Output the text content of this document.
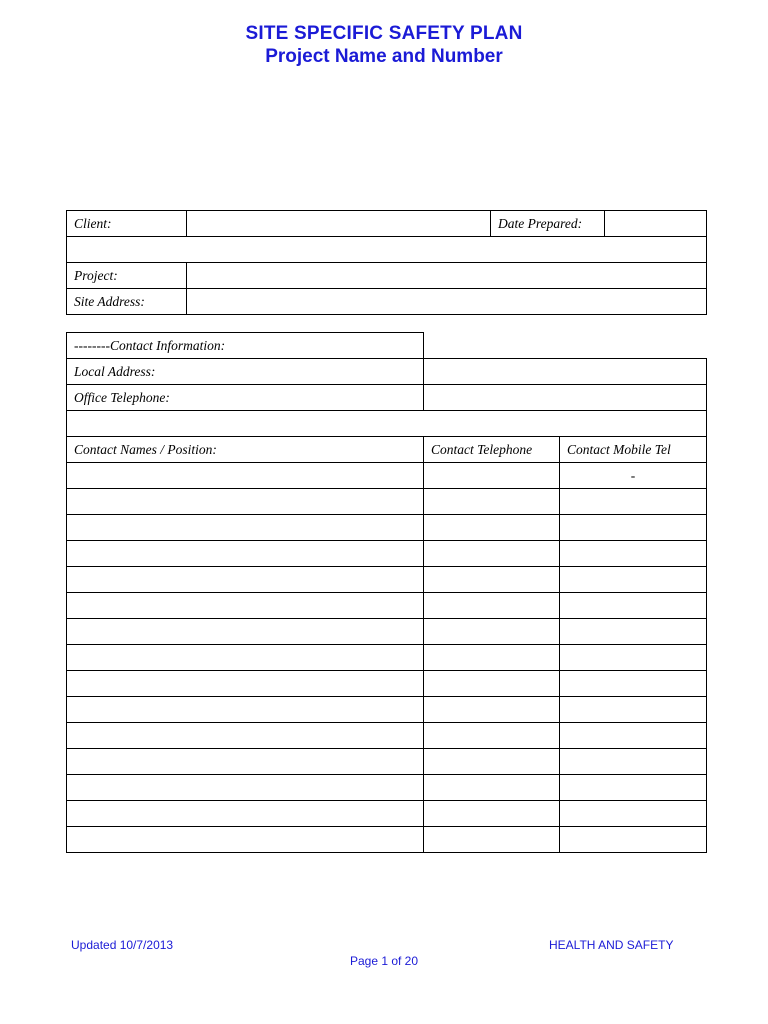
SITE SPECIFIC SAFETY PLAN
Project Name and Number
Client:		Date Prepared:	

Project:			
Site Address:			
--------Contact Information:		
Local Address:		
Office Telephone:		

Contact Names / Position:	Contact Telephone	Contact Mobile Tel
		-

Updated 10/7/2013	HEALTH AND SAFETY
Page 1 of 20
